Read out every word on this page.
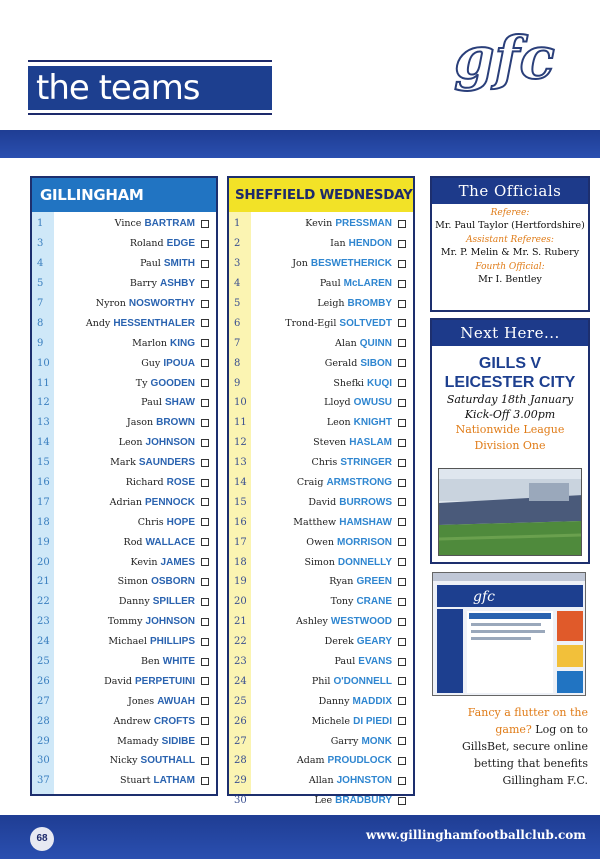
the teams	gfc
GILLINGHAM
1	Vince BARTRAM
3	Roland EDGE
4	Paul SMITH
5	Barry ASHBY
7	Nyron NOSWORTHY
8	Andy HESSENTHALER
9	Marlon KING
10	Guy IPOUA
11	Ty GOODEN
12	Paul SHAW
13	Jason BROWN
14	Leon JOHNSON
15	Mark SAUNDERS
16	Richard ROSE
17	Adrian PENNOCK
18	Chris HOPE
19	Rod WALLACE
20	Kevin JAMES
21	Simon OSBORN
22	Danny SPILLER
23	Tommy JOHNSON
24	Michael PHILLIPS
25	Ben WHITE
26	David PERPETUINI
27	Jones AWUAH
28	Andrew CROFTS
29	Mamady SIDIBE
30	Nicky SOUTHALL
37	Stuart LATHAM
SHEFFIELD WEDNESDAY
1	Kevin PRESSMAN
2	Ian HENDON
3	Jon BESWETHERICK
4	Paul McLAREN
5	Leigh BROMBY
6	Trond-Egil SOLTVEDT
7	Alan QUINN
8	Gerald SIBON
9	Shefki KUQI
10	Lloyd OWUSU
11	Leon KNIGHT
12	Steven HASLAM
13	Chris STRINGER
14	Craig ARMSTRONG
15	David BURROWS
16	Matthew HAMSHAW
17	Owen MORRISON
18	Simon DONNELLY
19	Ryan GREEN
20	Tony CRANE
21	Ashley WESTWOOD
22	Derek GEARY
23	Paul EVANS
24	Phil O'DONNELL
25	Danny MADDIX
26	Michele DI PIEDI
27	Garry MONK
28	Adam PROUDLOCK
29	Allan JOHNSTON
30	Lee BRADBURY
The Officials
Referee:
Mr. Paul Taylor (Hertfordshire)
Assistant Referees:
Mr. P. Melin & Mr. S. Rubery
Fourth Official:
Mr I. Bentley
Next Here...
GILLS V
LEICESTER CITY
Saturday 18th January
Kick-Off 3.00pm
Nationwide League
Division One
gfc
Fancy a flutter on the
game? Log on to
GillsBet, secure online
betting that benefits
Gillingham F.C.
68	www.gillinghamfootballclub.com
